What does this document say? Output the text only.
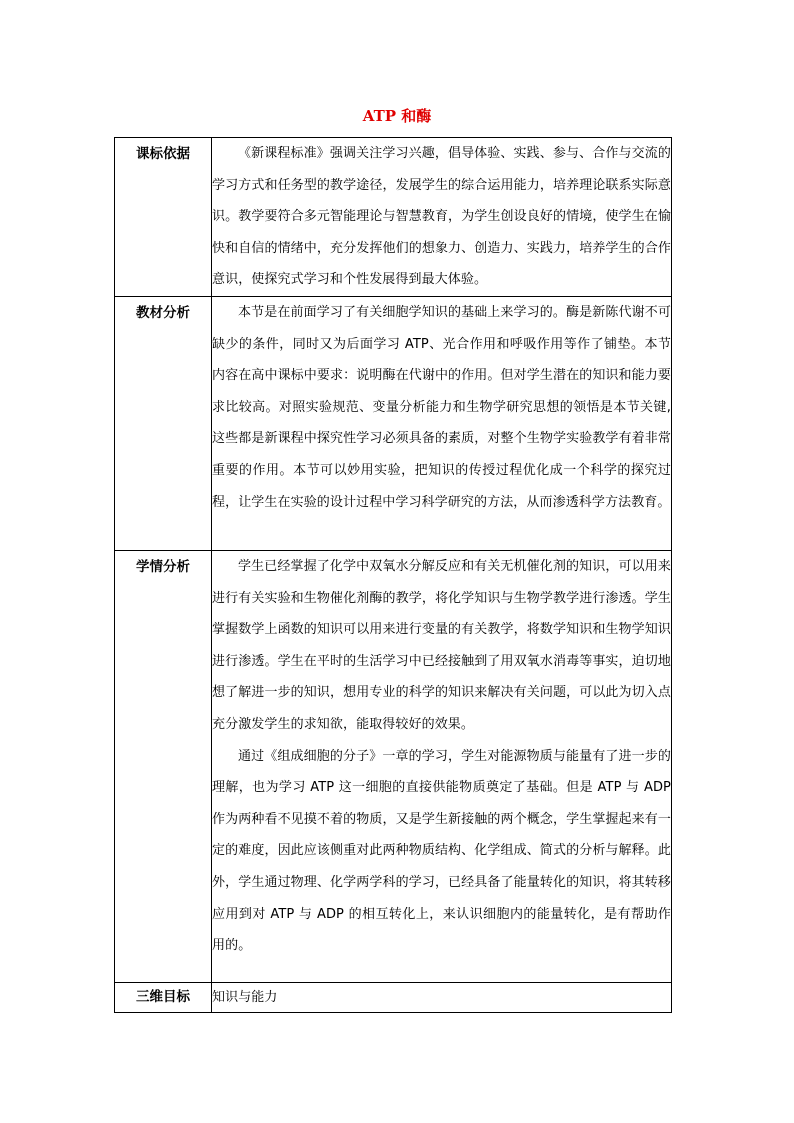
ATP 和酶
课标依据	《新课程标准》强调关注学习兴趣，倡导体验、实践、参与、合作与交流的学习方式和任务型的教学途径，发展学生的综合运用能力，培养理论联系实际意识。教学要符合多元智能理论与智慧教育，为学生创设良好的情境，使学生在愉快和自信的情绪中，充分发挥他们的想象力、创造力、实践力，培养学生的合作意识，使探究式学习和个性发展得到最大体验。

教材分析	本节是在前面学习了有关细胞学知识的基础上来学习的。酶是新陈代谢不可缺少的条件，同时又为后面学习 ATP、光合作用和呼吸作用等作了铺垫。本节内容在高中课标中要求：说明酶在代谢中的作用。但对学生潜在的知识和能力要求比较高。对照实验规范、变量分析能力和生物学研究思想的领悟是本节关键,这些都是新课程中探究性学习必须具备的素质，对整个生物学实验教学有着非常重要的作用。本节可以妙用实验，把知识的传授过程优化成一个科学的探究过程，让学生在实验的设计过程中学习科学研究的方法，从而渗透科学方法教育。

学情分析	学生已经掌握了化学中双氧水分解反应和有关无机催化剂的知识，可以用来进行有关实验和生物催化剂酶的教学，将化学知识与生物学教学进行渗透。学生掌握数学上函数的知识可以用来进行变量的有关教学，将数学知识和生物学知识进行渗透。学生在平时的生活学习中已经接触到了用双氧水消毒等事实，迫切地想了解进一步的知识，想用专业的科学的知识来解决有关问题，可以此为切入点充分激发学生的求知欲，能取得较好的效果。

通过《组成细胞的分子》一章的学习，学生对能源物质与能量有了进一步的理解，也为学习 ATP 这一细胞的直接供能物质奠定了基础。但是 ATP 与 ADP 作为两种看不见摸不着的物质，又是学生新接触的两个概念，学生掌握起来有一定的难度，因此应该侧重对此两种物质结构、化学组成、简式的分析与解释。此外，学生通过物理、化学两学科的学习，已经具备了能量转化的知识，将其转移应用到对 ATP 与 ADP 的相互转化上，来认识细胞内的能量转化，是有帮助作用的。

三维目标	知识与能力
